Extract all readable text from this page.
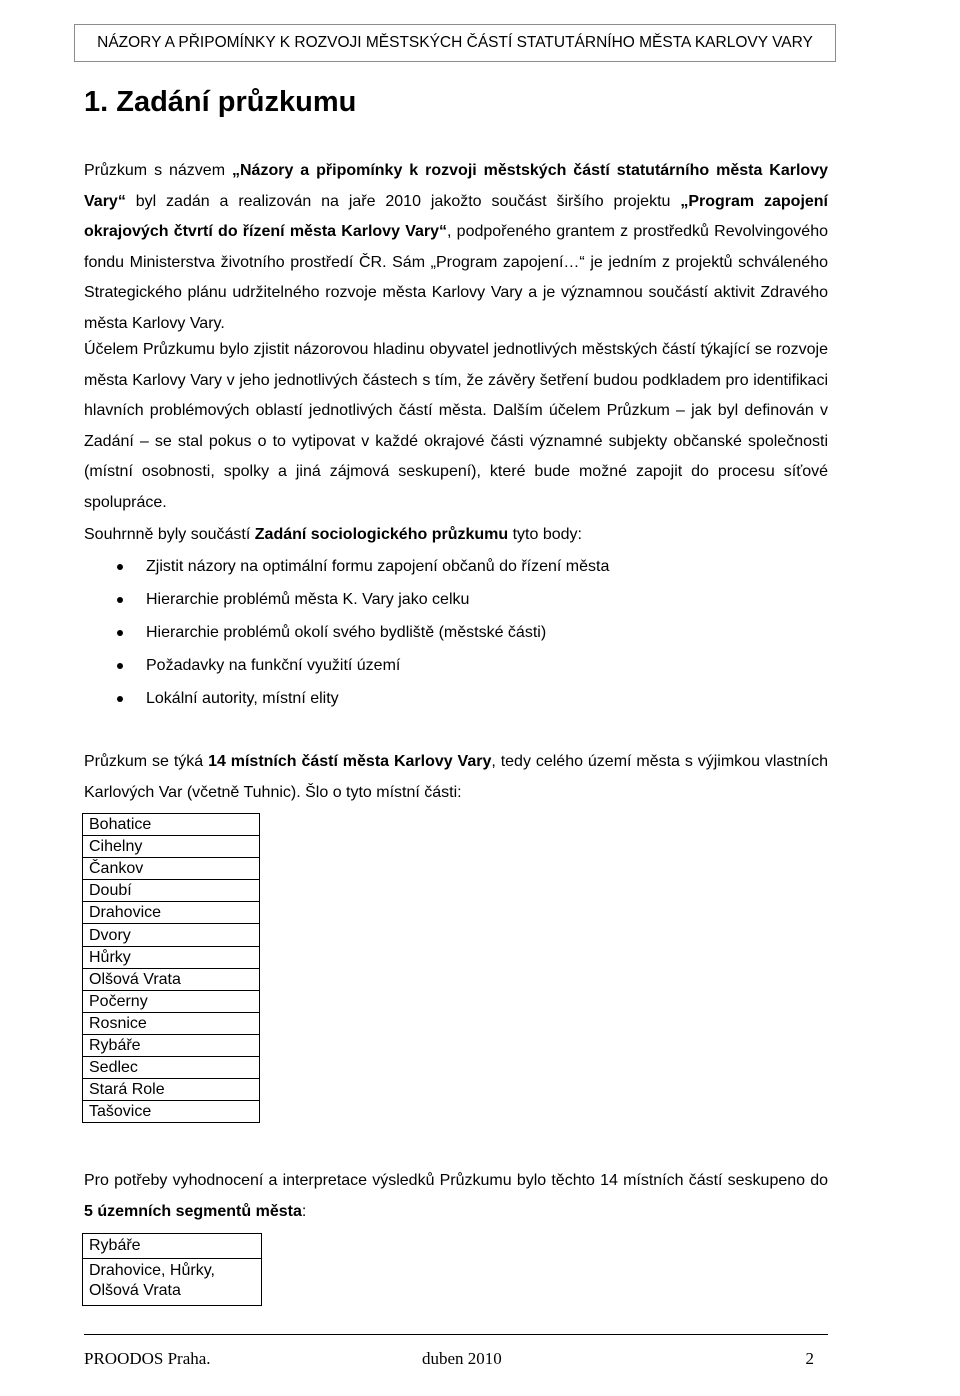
NÁZORY A PŘIPOMÍNKY K ROZVOJI MĚSTSKÝCH ČÁSTÍ STATUTÁRNÍHO MĚSTA KARLOVY VARY
1. Zadání průzkumu

Průzkum s názvem „Názory a připomínky k rozvoji městských částí statutárního města Karlovy Vary“ byl zadán a realizován na jaře 2010 jakožto součást širšího projektu „Program zapojení okrajových čtvrtí do řízení města Karlovy Vary“, podpořeného grantem z prostředků Revolvingového fondu Ministerstva životního prostředí ČR. Sám „Program zapojení…“ je jedním z projektů schváleného Strategického plánu udržitelného rozvoje města Karlovy Vary a je významnou součástí aktivit Zdravého města Karlovy Vary.

Účelem Průzkumu bylo zjistit názorovou hladinu obyvatel jednotlivých městských částí týkající se rozvoje města Karlovy Vary v jeho jednotlivých částech s tím, že závěry šetření budou podkladem pro identifikaci hlavních problémových oblastí jednotlivých částí města. Dalším účelem Průzkum – jak byl definován v Zadání – se stal pokus o to vytipovat v každé okrajové části významné subjekty občanské společnosti (místní osobnosti, spolky a jiná zájmová seskupení), které bude možné zapojit do procesu síťové spolupráce.

Souhrnně byly součástí Zadání sociologického průzkumu tyto body:

Zjistit názory na optimální formu zapojení občanů do řízení města
Hierarchie problémů města K. Vary jako celku
Hierarchie problémů okolí svého bydliště (městské části)
Požadavky na funkční využití území
Lokální autority, místní elity

Průzkum se týká 14 místních částí města Karlovy Vary, tedy celého území města s výjimkou vlastních Karlových Var (včetně Tuhnic). Šlo o tyto místní části:

Bohatice
Cihelny
Čankov
Doubí
Drahovice
Dvory
Hůrky
Olšová Vrata
Počerny
Rosnice
Rybáře
Sedlec
Stará Role
Tašovice

Pro potřeby vyhodnocení a interpretace výsledků Průzkumu bylo těchto 14 místních částí seskupeno do 5 územních segmentů města:

Rybáře
Drahovice, Hůrky, Olšová Vrata
PROODOS Praha.	duben 2010	2
